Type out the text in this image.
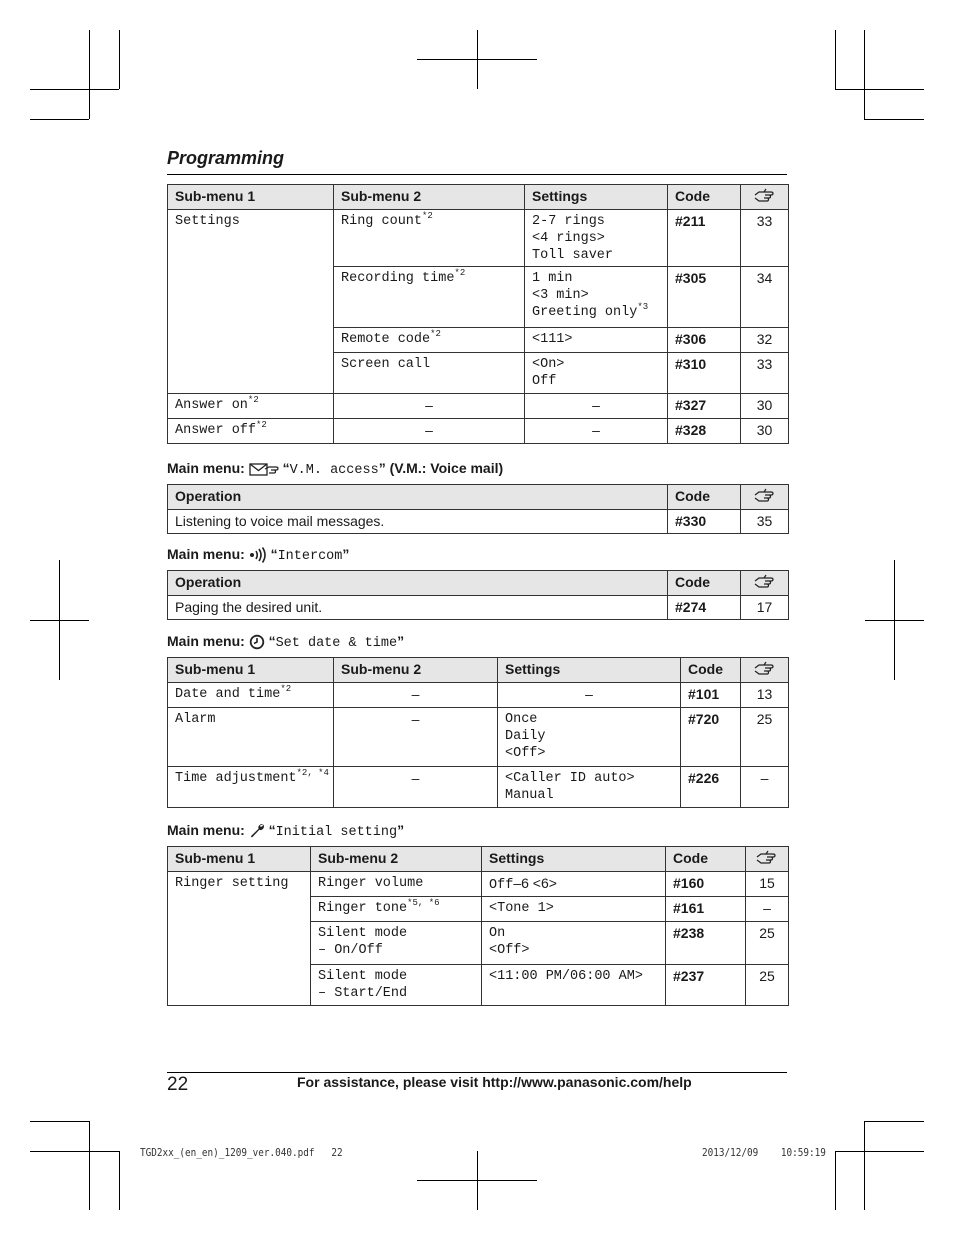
Programming
Sub-menu 1	Sub-menu 2	Settings	Code	
Settings	Ring count$^{*2}$	2-7 rings
<4 rings>
Toll saver	#211	33
	Recording time$^{*2}$	1 min
<3 min>
Greeting only$^{*3}$	#305	34
	Remote code$^{*2}$	<111>	#306	32
	Screen call	<On>
Off	#310	33
Answer $on^{*2}$	–	–	#327	30
Answer off$^{*2}$	–	–	#328	30
Main menu:	“V.M. access” (V.M.: Voice mail)
Operation	Code	
Listening to voice mail messages.	#330	35
Main menu: “Intercom”
Operation	Code	
Paging the desired unit.	#274	17
Main menu: “Set date & time”
Sub-menu 1	Sub-menu 2	Settings	Code	
Date and time$^{*2}$	–	–	#101	13
Alarm	–	Once
Daily
<Off>	#720	25
Time adjustment$^{*2, *4}$	–	<Caller ID auto>
Manual	#226	–
Main menu: “Initial setting”
Sub-menu 1	Sub-menu 2	Settings	Code	
Ringer setting	Ringer volume	Off–6 <6>	#160	15
	Ringer tone$^{*5, *6}$	<Tone 1>	#161	–

	Silent mode
– On/Off	On
<Off>	#238	25

	Silent mode
– Start/End	<11:00 PM/06:00 AM>	#237	25
22	For assistance, please visit http://www.panasonic.com/help
TGD2xx_(en_en)_1209_ver.040.pdf 22	2013/12/09 10:59:19
